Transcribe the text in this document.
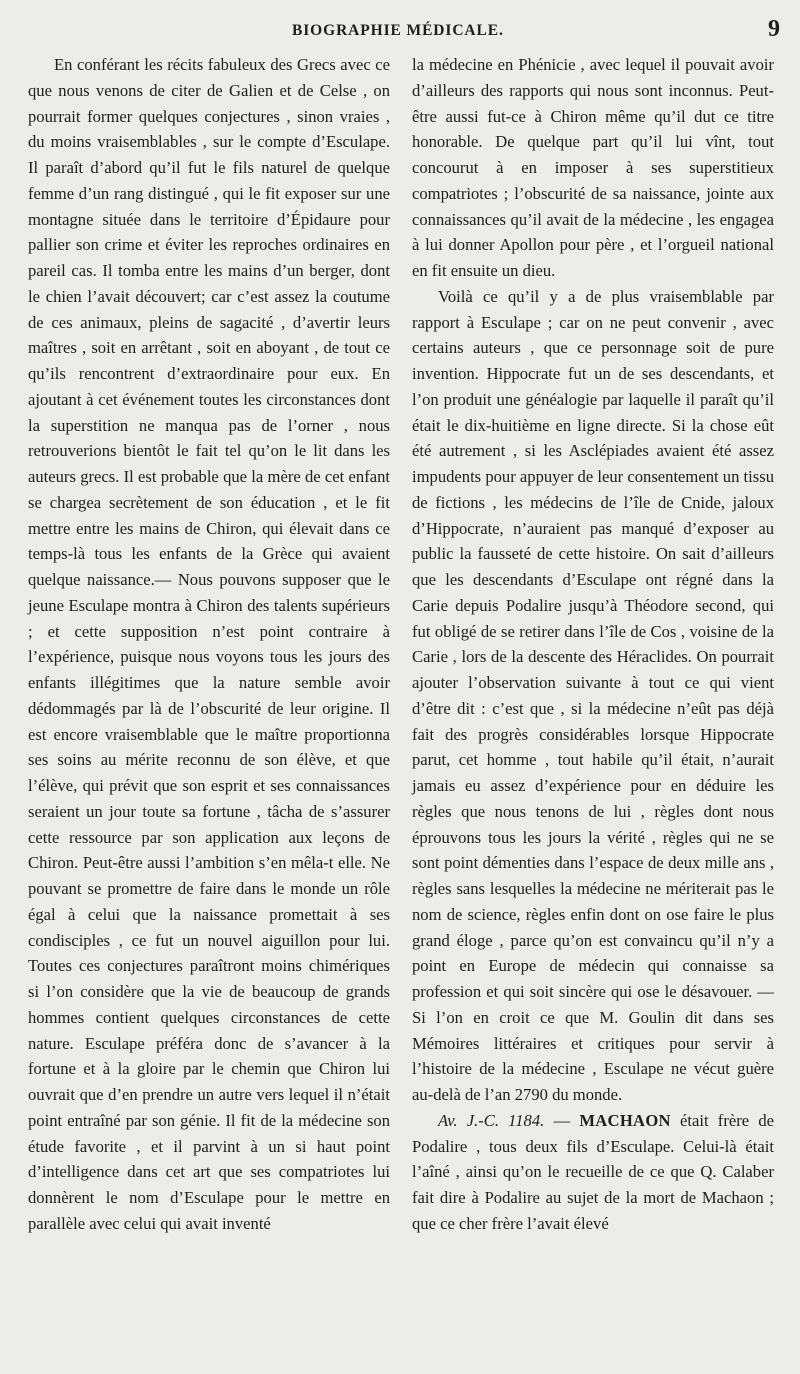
BIOGRAPHIE MÉDICALE.	9

En conférant les récits fabuleux des Grecs avec ce que nous venons de citer de Galien et de Celse , on pourrait former quelques conjectures , sinon vraies , du moins vraisemblables , sur le compte d’Esculape. Il paraît d’abord qu’il fut le fils naturel de quelque femme d’un rang distingué , qui le fit exposer sur une montagne située dans le territoire d’Épidaure pour pallier son crime et éviter les reproches ordinaires en pareil cas. Il tomba entre les mains d’un berger, dont le chien l’avait découvert; car c’est assez la coutume de ces animaux, pleins de sagacité , d’avertir leurs maîtres , soit en arrêtant , soit en aboyant , de tout ce qu’ils rencontrent d’extraordinaire pour eux. En ajoutant à cet événement toutes les circonstances dont la superstition ne manqua pas de l’orner , nous retrouverions bientôt le fait tel qu’on le lit dans les auteurs grecs. Il est probable que la mère de cet enfant se chargea secrètement de son éducation , et le fit mettre entre les mains de Chiron, qui élevait dans ce temps-là tous les enfants de la Grèce qui avaient quelque naissance.— Nous pouvons supposer que le jeune Esculape montra à Chiron des talents supérieurs ; et cette supposition n’est point contraire à l’expérience, puisque nous voyons tous les jours des enfants illégitimes que la nature semble avoir dédommagés par là de l’obscurité de leur origine. Il est encore vraisemblable que le maître proportionna ses soins au mérite reconnu de son élève, et que l’élève, qui prévit que son esprit et ses connaissances seraient un jour toute sa fortune , tâcha de s’assurer cette ressource par son application aux leçons de Chiron. Peut-être aussi l’ambition s’en mêla-t elle. Ne pouvant se promettre de faire dans le monde un rôle égal à celui que la naissance promettait à ses condisciples , ce fut un nouvel aiguillon pour lui. Toutes ces conjectures paraîtront moins chimériques si l’on considère que la vie de beaucoup de grands hommes contient quelques circonstances de cette nature. Esculape préféra donc de s’avancer à la fortune et à la gloire par le chemin que Chiron lui ouvrait que d’en prendre un autre vers lequel il n’était point entraîné par son génie. Il fit de la médecine son étude favorite , et il parvint à un si haut point d’intelligence dans cet art que ses compatriotes lui donnèrent le nom d’Esculape pour le mettre en parallèle avec celui qui avait inventé

la médecine en Phénicie , avec lequel il pouvait avoir d’ailleurs des rapports qui nous sont inconnus. Peut-être aussi fut-ce à Chiron même qu’il dut ce titre honorable. De quelque part qu’il lui vînt, tout concourut à en imposer à ses superstitieux compatriotes ; l’obscurité de sa naissance, jointe aux connaissances qu’il avait de la médecine , les engagea à lui donner Apollon pour père , et l’orgueil national en fit ensuite un dieu.

Voilà ce qu’il y a de plus vraisemblable par rapport à Esculape ; car on ne peut convenir , avec certains auteurs , que ce personnage soit de pure invention. Hippocrate fut un de ses descendants, et l’on produit une généalogie par laquelle il paraît qu’il était le dix-huitième en ligne directe. Si la chose eût été autrement , si les Asclépiades avaient été assez impudents pour appuyer de leur consentement un tissu de fictions , les médecins de l’île de Cnide, jaloux d’Hippocrate, n’auraient pas manqué d’exposer au public la fausseté de cette histoire. On sait d’ailleurs que les descendants d’Esculape ont régné dans la Carie depuis Podalire jusqu’à Théodore second, qui fut obligé de se retirer dans l’île de Cos , voisine de la Carie , lors de la descente des Héraclides. On pourrait ajouter l’observation suivante à tout ce qui vient d’être dit : c’est que , si la médecine n’eût pas déjà fait des progrès considérables lorsque Hippocrate parut, cet homme , tout habile qu’il était, n’aurait jamais eu assez d’expérience pour en déduire les règles que nous tenons de lui , règles dont nous éprouvons tous les jours la vérité , règles qui ne se sont point démenties dans l’espace de deux mille ans , règles sans lesquelles la médecine ne mériterait pas le nom de science, règles enfin dont on ose faire le plus grand éloge , parce qu’on est convaincu qu’il n’y a point en Europe de médecin qui connaisse sa profession et qui soit sincère qui ose le désavouer. — Si l’on en croit ce que M. Goulin dit dans ses Mémoires littéraires et critiques pour servir à l’histoire de la médecine , Esculape ne vécut guère au-delà de l’an 2790 du monde.

Av. J.-C. 1184. — MACHAON était frère de Podalire , tous deux fils d’Esculape. Celui-là était l’aîné , ainsi qu’on le recueille de ce que Q. Calaber fait dire à Podalire au sujet de la mort de Machaon ; que ce cher frère l’avait élevé
